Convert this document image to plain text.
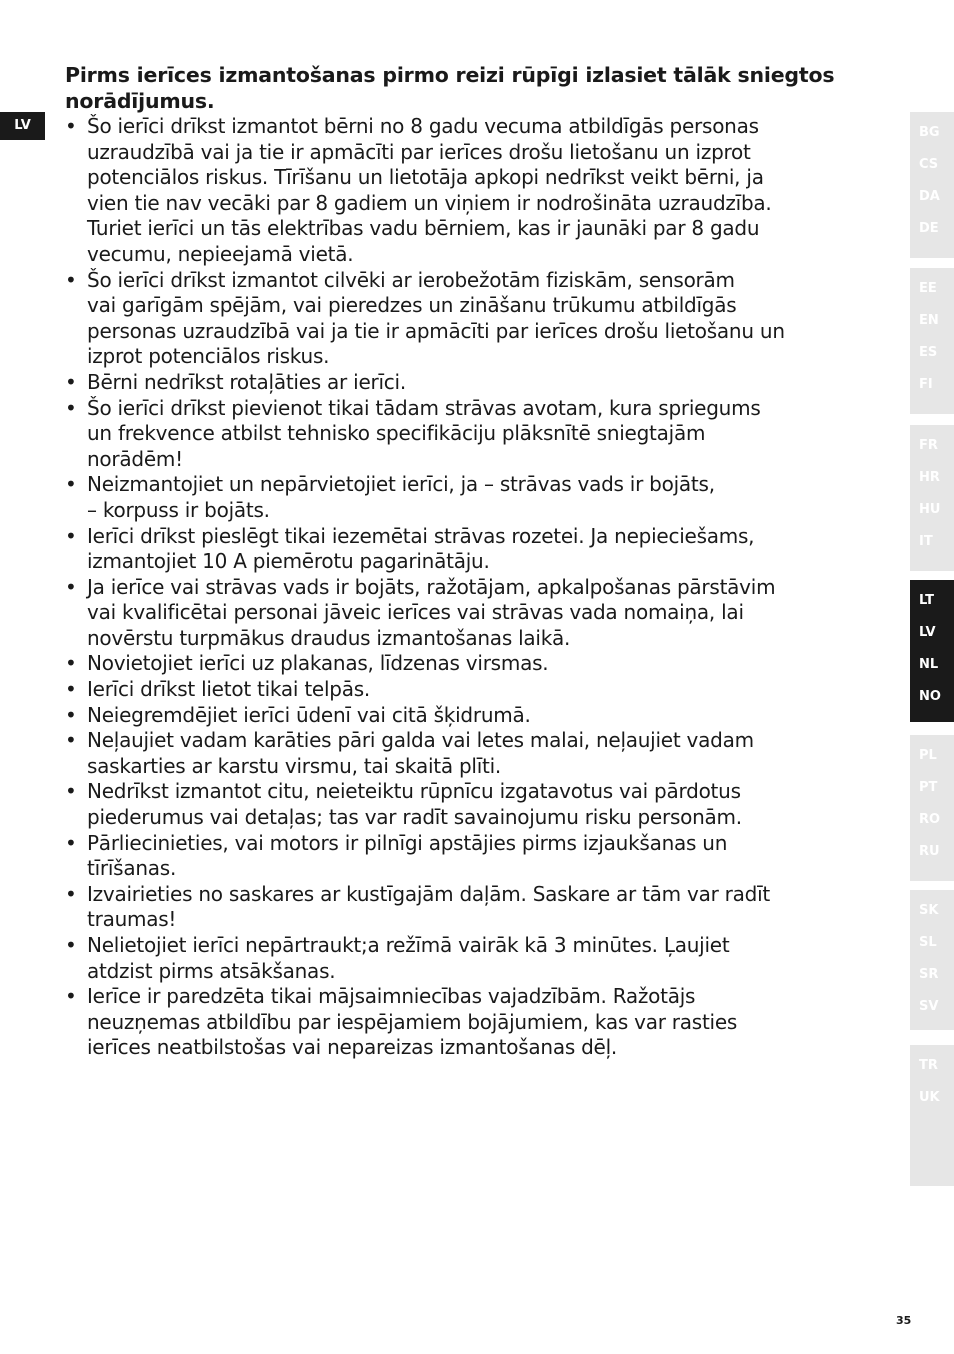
LV
Pirms ierīces izmantošanas pirmo reizi rūpīgi izlasiet tālāk sniegtos
norādījumus.
• Šo ierīci drīkst izmantot bērni no 8 gadu vecuma atbildīgās personas
uzraudzībā vai ja tie ir apmācīti par ierīces drošu lietošanu un izprot
potenciālos riskus. Tīrīšanu un lietotāja apkopi nedrīkst veikt bērni, ja
vien tie nav vecāki par 8 gadiem un viņiem ir nodrošināta uzraudzība.
Turiet ierīci un tās elektrības vadu bērniem, kas ir jaunāki par 8 gadu
vecumu, nepieejamā vietā.
• Šo ierīci drīkst izmantot cilvēki ar ierobežotām fiziskām, sensorām
vai garīgām spējām, vai pieredzes un zināšanu trūkumu atbildīgās
personas uzraudzībā vai ja tie ir apmācīti par ierīces drošu lietošanu un
izprot potenciālos riskus.
• Bērni nedrīkst rotaļāties ar ierīci.
• Šo ierīci drīkst pievienot tikai tādam strāvas avotam, kura spriegums
un frekvence atbilst tehnisko specifikāciju plāksnītē sniegtajām
norādēm!
• Neizmantojiet un nepārvietojiet ierīci, ja – strāvas vads ir bojāts,
– korpuss ir bojāts.
• Ierīci drīkst pieslēgt tikai iezemētai strāvas rozetei. Ja nepieciešams,
izmantojiet 10 A piemērotu pagarinātāju.
• Ja ierīce vai strāvas vads ir bojāts, ražotājam, apkalpošanas pārstāvim
vai kvalificētai personai jāveic ierīces vai strāvas vada nomaiņa, lai
novērstu turpmākus draudus izmantošanas laikā.
• Novietojiet ierīci uz plakanas, līdzenas virsmas.
• Ierīci drīkst lietot tikai telpās.
• Neiegremdējiet ierīci ūdenī vai citā šķidrumā.
• Neļaujiet vadam karāties pāri galda vai letes malai, neļaujiet vadam
saskarties ar karstu virsmu, tai skaitā plīti.
• Nedrīkst izmantot citu, neieteiktu rūpnīcu izgatavotus vai pārdotus
piederumus vai detaļas; tas var radīt savainojumu risku personām.
• Pārliecinieties, vai motors ir pilnīgi apstājies pirms izjaukšanas un
tīrīšanas.
• Izvairieties no saskares ar kustīgajām daļām. Saskare ar tām var radīt
traumas!
• Nelietojiet ierīci nepārtraukt;a režīmā vairāk kā 3 minūtes. Ļaujiet
atdzist pirms atsākšanas.
• Ierīce ir paredzēta tikai mājsaimniecības vajadzībām. Ražotājs
neuzņemas atbildību par iespējamiem bojājumiem, kas var rasties
ierīces neatbilstošas vai nepareizas izmantošanas dēļ.
BG
CS
DA
DE
EE
EN
ES
FI
FR
HR
HU
IT
LT
LV
NL
NO
PL
PT
RO
RU
SK
SL
SR
SV
TR
UK
35
